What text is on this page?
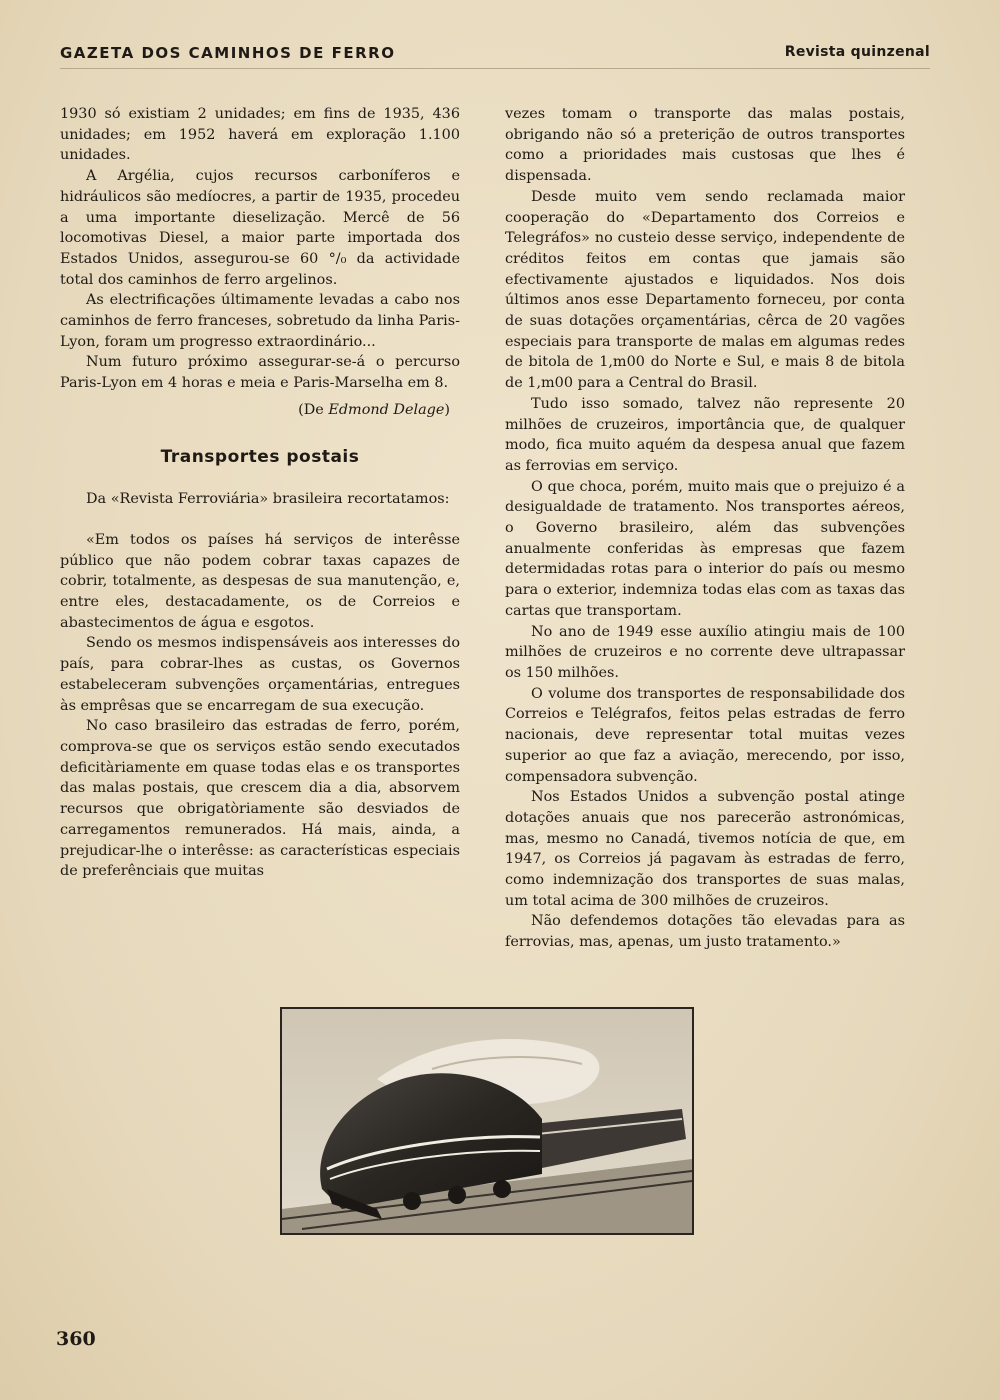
GAZETA DOS CAMINHOS DE FERRO	Revista quinzenal

1930 só existiam 2 unidades; em fins de 1935, 436 unidades; em 1952 haverá em exploração 1.100 unidades.

A Argélia, cujos recursos carboníferos e hidráulicos são medíocres, a partir de 1935, procedeu a uma importante dieselização. Mercê de 56 locomotivas Diesel, a maior parte importada dos Estados Unidos, assegurou-se 60 °/₀ da actividade total dos caminhos de ferro argelinos.

As electrificações últimamente levadas a cabo nos caminhos de ferro franceses, sobretudo da linha Paris-Lyon, foram um progresso extraordinário...

Num futuro próximo assegurar-se-á o percurso Paris-Lyon em 4 horas e meia e Paris-Marselha em 8.

(De Edmond Delage)
Transportes postais

Da «Revista Ferroviária» brasileira recortatamos:

«Em todos os países há serviços de interêsse público que não podem cobrar taxas capazes de cobrir, totalmente, as despesas de sua manutenção, e, entre eles, destacadamente, os de Correios e abastecimentos de água e esgotos.

Sendo os mesmos indispensáveis aos interesses do país, para cobrar-lhes as custas, os Governos estabeleceram subvenções orçamentárias, entregues às emprêsas que se encarregam de sua execução.

No caso brasileiro das estradas de ferro, porém, comprova-se que os serviços estão sendo executados deficitàriamente em quase todas elas e os transportes das malas postais, que crescem dia a dia, absorvem recursos que obrigatòriamente são desviados de carregamentos remunerados. Há mais, ainda, a prejudicar-lhe o interêsse: as características especiais de preferênciais que muitas

vezes tomam o transporte das malas postais, obrigando não só a preterição de outros transportes como a prioridades mais custosas que lhes é dispensada.

Desde muito vem sendo reclamada maior cooperação do «Departamento dos Correios e Telegráfos» no custeio desse serviço, independente de créditos feitos em contas que jamais são efectivamente ajustados e liquidados. Nos dois últimos anos esse Departamento forneceu, por conta de suas dotações orçamentárias, cêrca de 20 vagões especiais para transporte de malas em algumas redes de bitola de 1,m00 do Norte e Sul, e mais 8 de bitola de 1,m00 para a Central do Brasil.

Tudo isso somado, talvez não represente 20 milhões de cruzeiros, importância que, de qualquer modo, fica muito aquém da despesa anual que fazem as ferrovias em serviço.

O que choca, porém, muito mais que o prejuizo é a desigualdade de tratamento. Nos transportes aéreos, o Governo brasileiro, além das subvenções anualmente conferidas às empresas que fazem determidadas rotas para o interior do país ou mesmo para o exterior, indemniza todas elas com as taxas das cartas que transportam.

No ano de 1949 esse auxílio atingiu mais de 100 milhões de cruzeiros e no corrente deve ultrapassar os 150 milhões.

O volume dos transportes de responsabilidade dos Correios e Telégrafos, feitos pelas estradas de ferro nacionais, deve representar total muitas vezes superior ao que faz a aviação, merecendo, por isso, compensadora subvenção.

Nos Estados Unidos a subvenção postal atinge dotações anuais que nos parecerão astronómicas, mas, mesmo no Canadá, tivemos notícia de que, em 1947, os Correios já pagavam às estradas de ferro, como indemnização dos transportes de suas malas, um total acima de 300 milhões de cruzeiros.

Não defendemos dotações tão elevadas para as ferrovias, mas, apenas, um justo tratamento.»

360
